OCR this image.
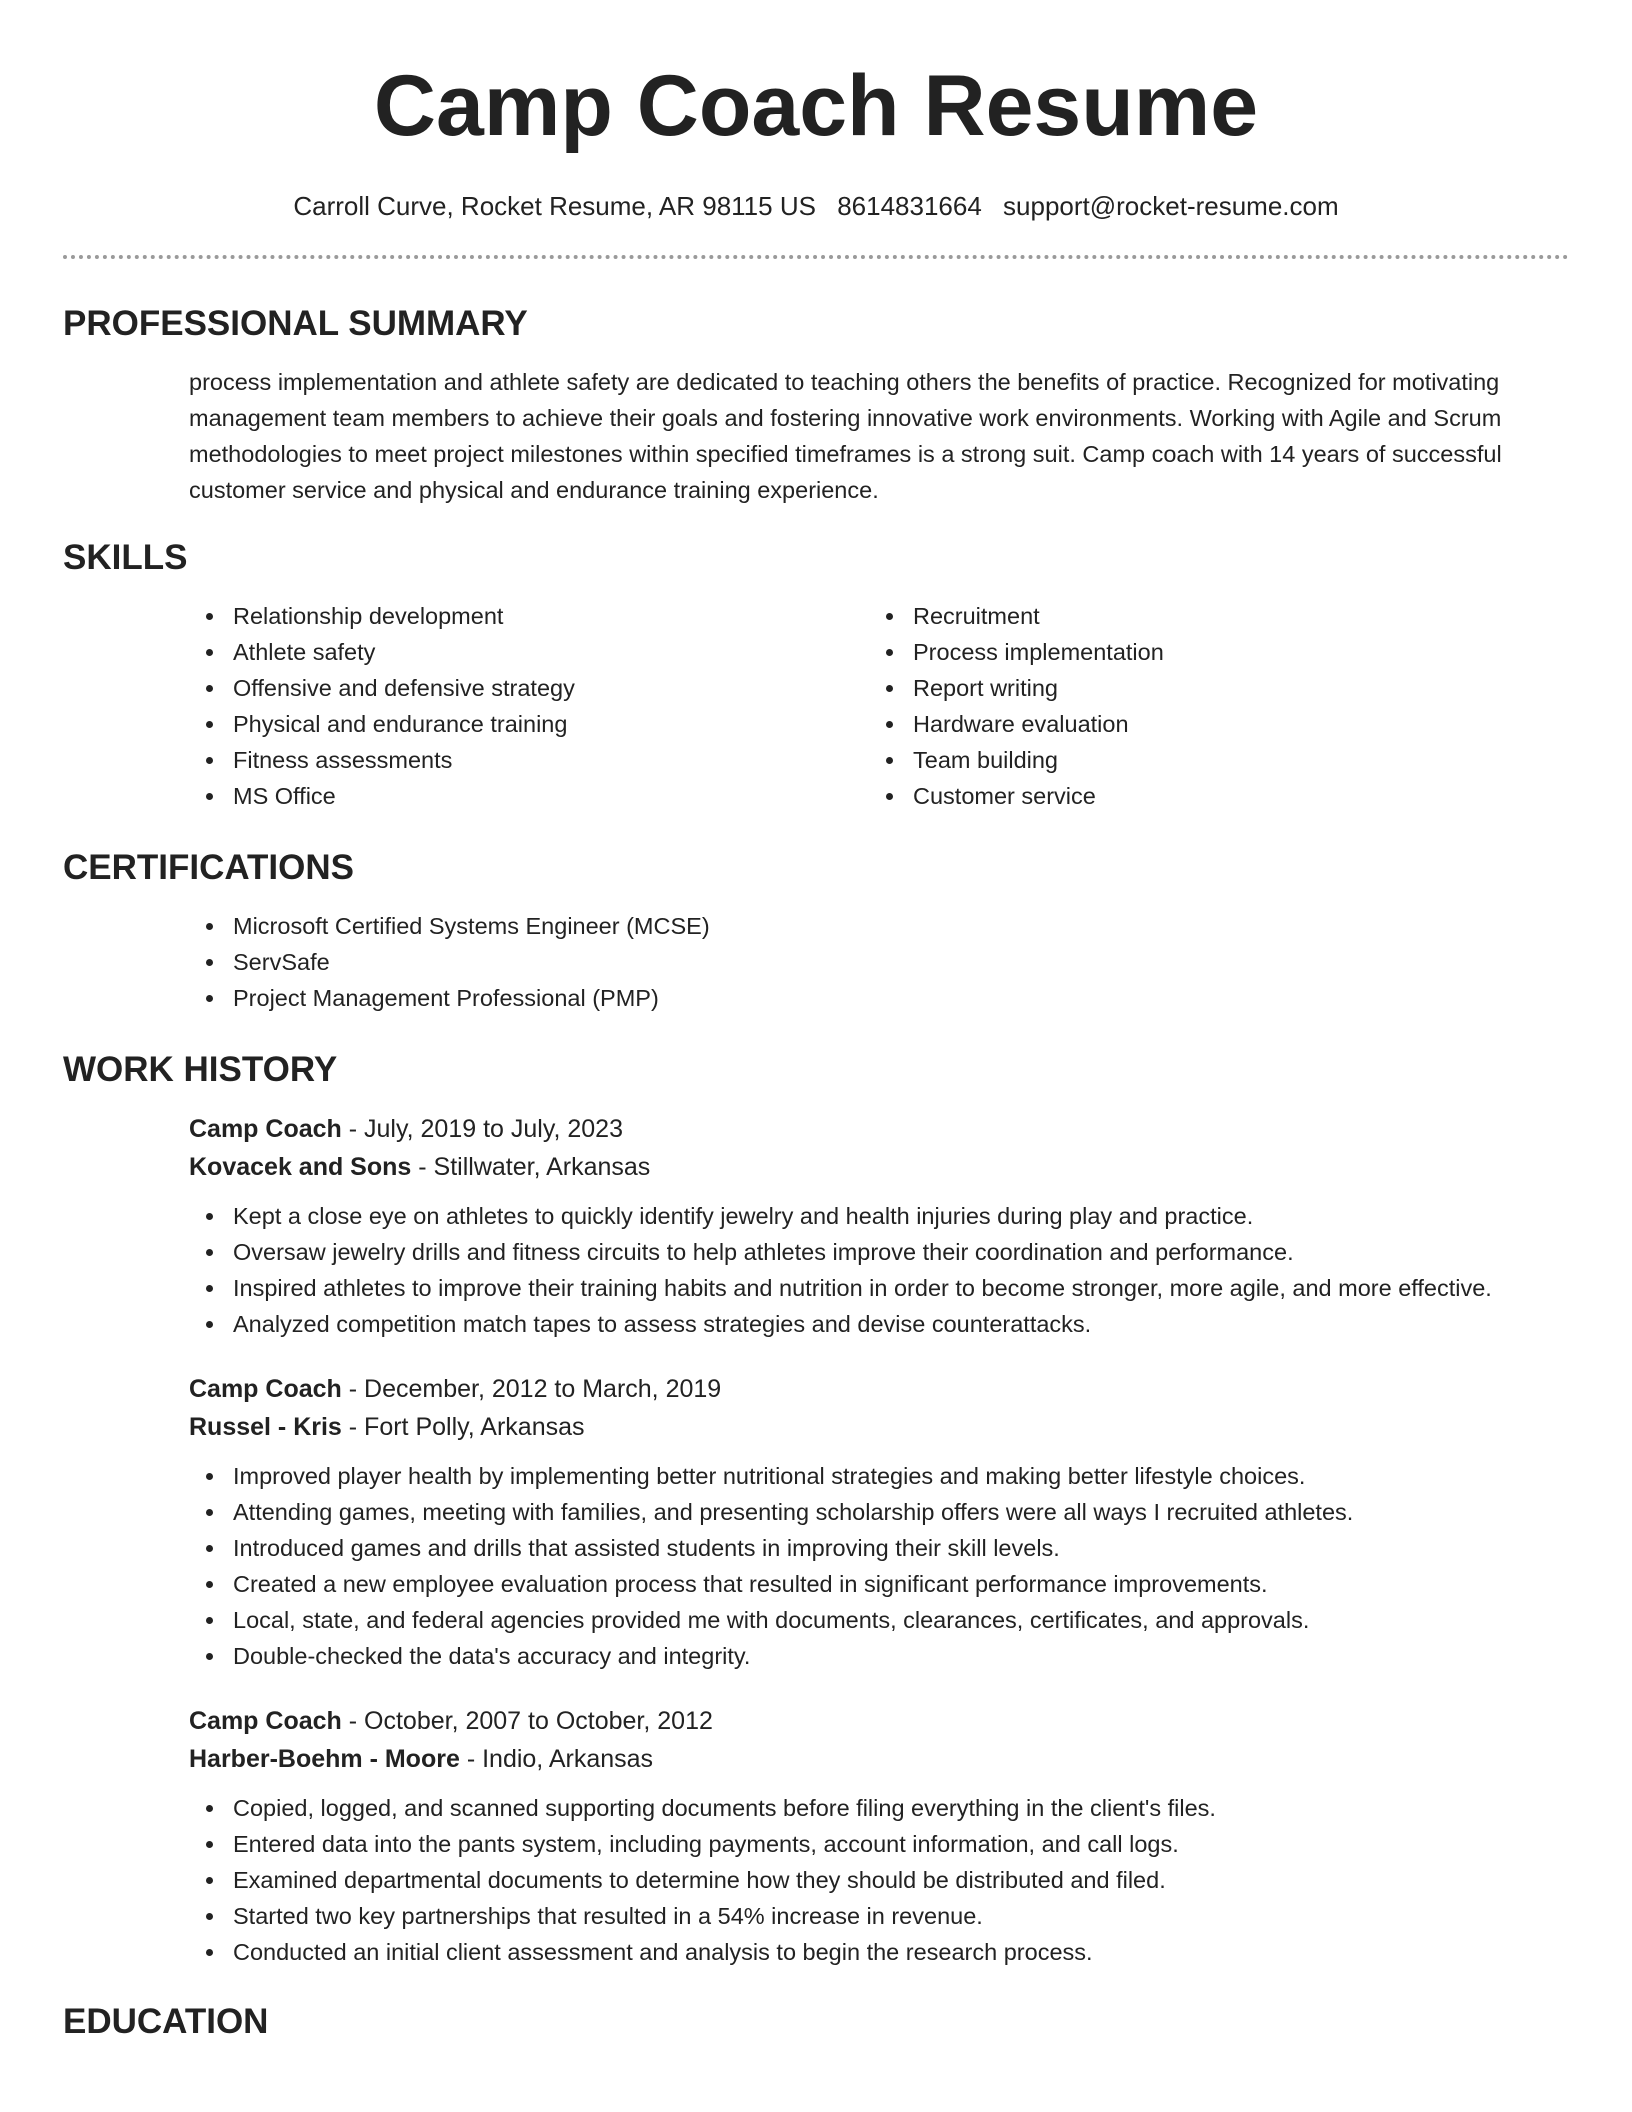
Camp Coach Resume
Carroll Curve, Rocket Resume, AR 98115 US 8614831664 support@rocket-resume.com
PROFESSIONAL SUMMARY

process implementation and athlete safety are dedicated to teaching others the benefits of practice. Recognized for motivating management team members to achieve their goals and fostering innovative work environments. Working with Agile and Scrum methodologies to meet project milestones within specified timeframes is a strong suit. Camp coach with 14 years of successful customer service and physical and endurance training experience.

SKILLS
Relationship development
Athlete safety
Offensive and defensive strategy
Physical and endurance training
Fitness assessments
MS Office
Recruitment
Process implementation
Report writing
Hardware evaluation
Team building
Customer service
CERTIFICATIONS
Microsoft Certified Systems Engineer (MCSE)
ServSafe
Project Management Professional (PMP)
WORK HISTORY
Camp Coach - July, 2019 to July, 2023
Kovacek and Sons - Stillwater, Arkansas
Kept a close eye on athletes to quickly identify jewelry and health injuries during play and practice.
Oversaw jewelry drills and fitness circuits to help athletes improve their coordination and performance.
Inspired athletes to improve their training habits and nutrition in order to become stronger, more agile, and more effective.
Analyzed competition match tapes to assess strategies and devise counterattacks.
Camp Coach - December, 2012 to March, 2019
Russel - Kris - Fort Polly, Arkansas
Improved player health by implementing better nutritional strategies and making better lifestyle choices.
Attending games, meeting with families, and presenting scholarship offers were all ways I recruited athletes.
Introduced games and drills that assisted students in improving their skill levels.
Created a new employee evaluation process that resulted in significant performance improvements.
Local, state, and federal agencies provided me with documents, clearances, certificates, and approvals.
Double-checked the data's accuracy and integrity.
Camp Coach - October, 2007 to October, 2012
Harber-Boehm - Moore - Indio, Arkansas
Copied, logged, and scanned supporting documents before filing everything in the client's files.
Entered data into the pants system, including payments, account information, and call logs.
Examined departmental documents to determine how they should be distributed and filed.
Started two key partnerships that resulted in a 54% increase in revenue.
Conducted an initial client assessment and analysis to begin the research process.
EDUCATION
